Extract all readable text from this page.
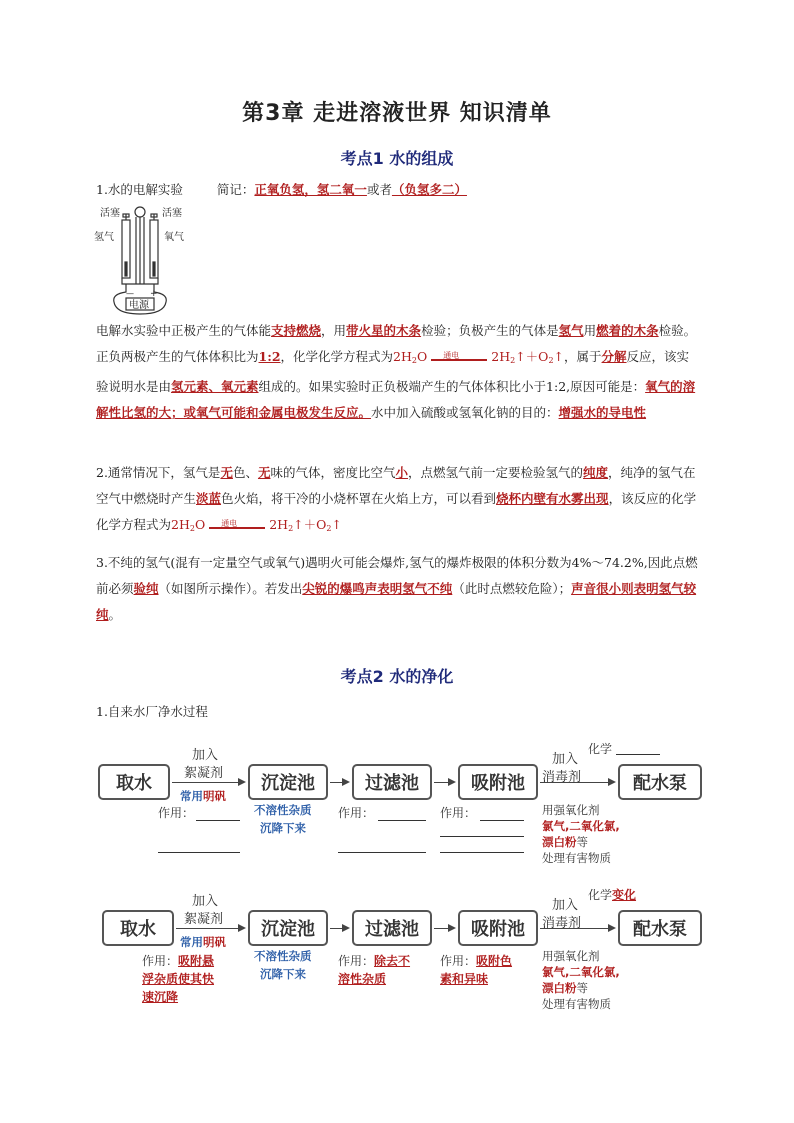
第3章 走进溶液世界 知识清单
考点1 水的组成
1.水的电解实验	简记：正氧负氢，氢二氧一或者（负氢多二）
活塞	活塞
氢气	氧气
— +
电源
电解水实验中正极产生的气体能支持燃烧，用带火星的木条检验；负极产生的气体是氢气用燃着的木条检验。正负两极产生的气体体积比为1:2，化学化学方程式为$2H_2O$ 通电	$2H_2↑+O_2↑$，属于分解反应，该实验说明水是由氢元素、氧元素组成的。如果实验时正负极端产生的气体体积比小于1:2,原因可能是：氧气的溶解性比氢的大；或氧气可能和金属电极发生反应。水中加入硫酸或氢氧化钠的目的：增强水的导电性
2.通常情况下，氢气是无色、无味的气体，密度比空气小，点燃氢气前一定要检验氢气的纯度，纯净的氢气在空气中燃烧时产生淡蓝色火焰，将干冷的小烧杯罩在火焰上方，可以看到烧杯内壁有水雾出现，该反应的化学化学方程式为$2H_2O$ 通电	$2H_2↑+O_2↑$
3.不纯的氢气(混有一定量空气或氧气)遇明火可能会爆炸,氢气的爆炸极限的体积分数为4%～74.2%,因此点燃前必须验纯（如图所示操作）。若发出尖锐的爆鸣声表明氢气不纯（此时点燃较危险）；声音很小则表明氢气较纯。
考点2 水的净化
1.自来水厂净水过程
取水	沉淀池	过滤池	吸附池	配水泵
加入
絮凝剂
常用明矾
作用：	不溶性杂质
沉降下来
作用：	作用：
加入
消毒剂
化学
用强氧化剂
氯气,二氧化氯,
漂白粉等
处理有害物质
取水	沉淀池	过滤池	吸附池	配水泵
加入
絮凝剂
常用明矾
作用：吸附悬
浮杂质使其快
速沉降
不溶性杂质
沉降下来
作用：除去不
溶性杂质
作用：吸附色
素和异味
加入
消毒剂
化学变化
用强氧化剂
氯气,二氧化氯,
漂白粉等
处理有害物质
